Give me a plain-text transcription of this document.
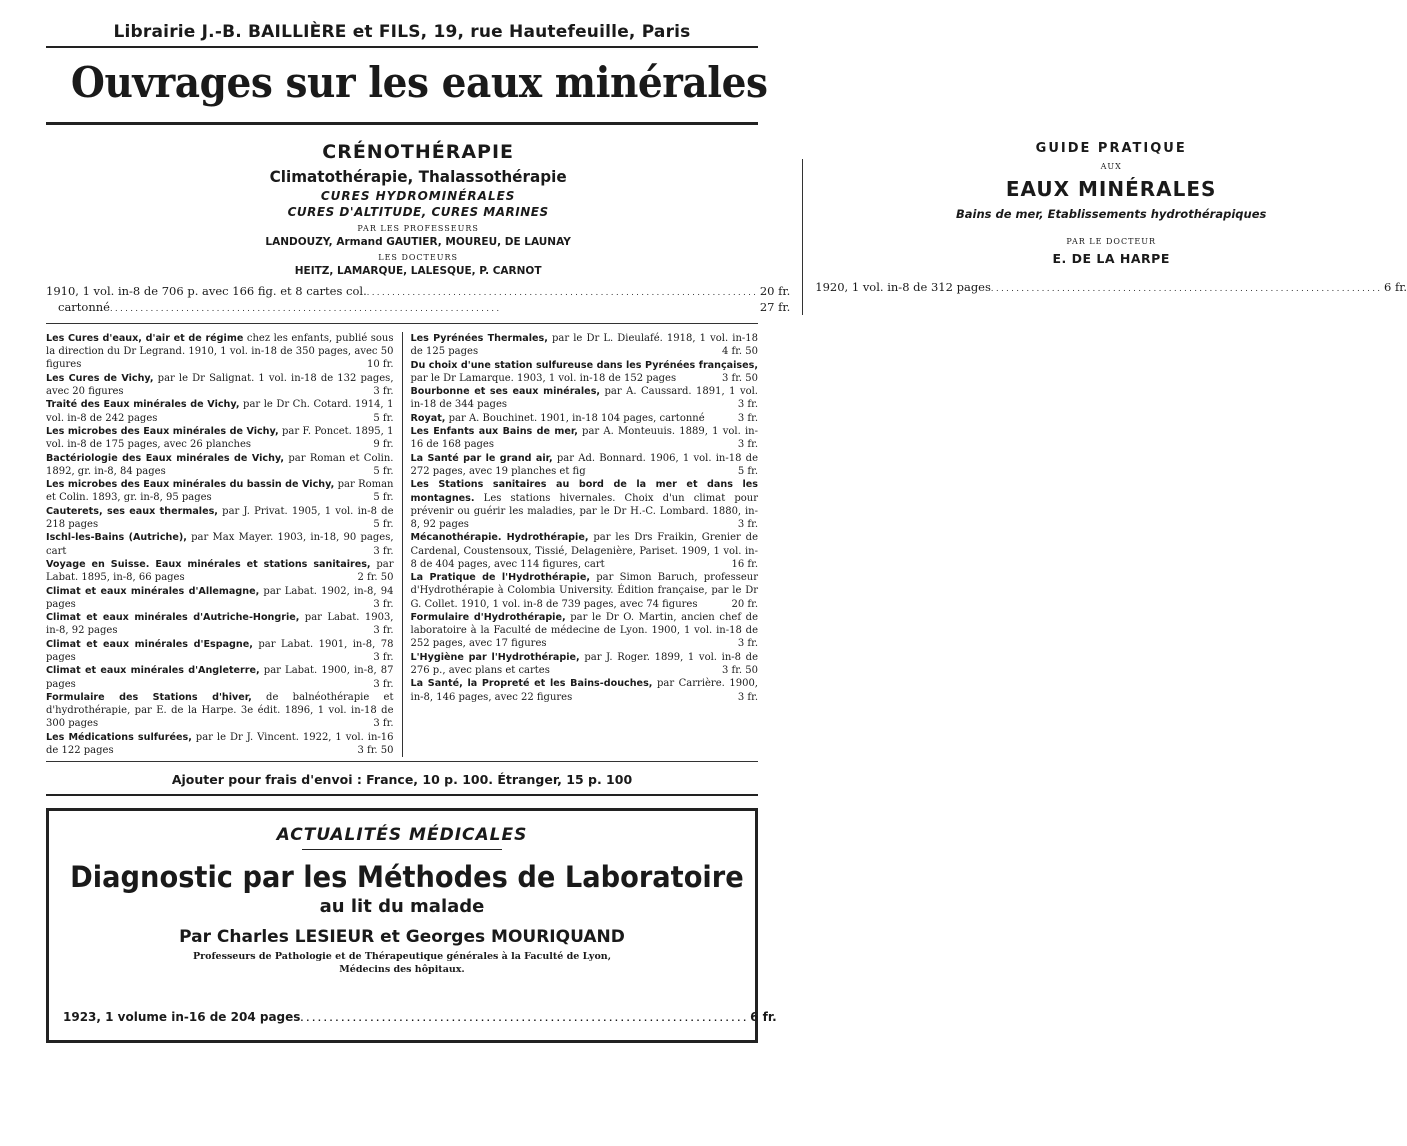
Librairie J.-B. BAILLIÈRE et FILS, 19, rue Hautefeuille, Paris
Ouvrages sur les eaux minérales
CRÉNOTHÉRAPIE
Climatothérapie, Thalassothérapie
CURES HYDROMINÉRALES
CURES D'ALTITUDE, CURES MARINES
PAR LES PROFESSEURS
LANDOUZY, Armand GAUTIER, MOUREU, DE LAUNAY
LES DOCTEURS
HEITZ, LAMARQUE, LALESQUE, P. CARNOT
1910, 1 vol. in-8 de 706 p. avec 166 fig. et 8 cartes col. . . .	20 fr.
cartonné . . .	27 fr.
GUIDE PRATIQUE
AUX
EAUX MINÉRALES
Bains de mer, Etablissements hydrothérapiques
PAR LE DOCTEUR
E. DE LA HARPE
1920, 1 vol. in-8 de 312 pages . . .	6 fr.
Les Cures d'eaux, d'air et de régime chez les enfants, publié sous la direction du Dr Legrand. 1910, 1 vol. in-18 de 350 pages, avec 50 figures	10 fr.
Les Cures de Vichy, par le Dr Salignat. 1 vol. in-18 de 132 pages, avec 20 figures	3 fr.
Traité des Eaux minérales de Vichy, par le Dr Ch. Cotard. 1914, 1 vol. in-8 de 242 pages	5 fr.
Les microbes des Eaux minérales de Vichy, par F. Poncet. 1895, 1 vol. in-8 de 175 pages, avec 26 planches	9 fr.
Bactériologie des Eaux minérales de Vichy, par Roman et Colin. 1892, gr. in-8, 84 pages	5 fr.
Les microbes des Eaux minérales du bassin de Vichy, par Roman et Colin. 1893, gr. in-8, 95 pages	5 fr.
Cauterets, ses eaux thermales, par J. Privat. 1905, 1 vol. in-8 de 218 pages	5 fr.
Ischl-les-Bains (Autriche), par Max Mayer. 1903, in-18, 90 pages, cart	3 fr.
Voyage en Suisse. Eaux minérales et stations sanitaires, par Labat. 1895, in-8, 66 pages	2 fr. 50
Climat et eaux minérales d'Allemagne, par Labat. 1902, in-8, 94 pages	3 fr.
Climat et eaux minérales d'Autriche-Hongrie, par Labat. 1903, in-8, 92 pages	3 fr.
Climat et eaux minérales d'Espagne, par Labat. 1901, in-8, 78 pages	3 fr.
Climat et eaux minérales d'Angleterre, par Labat. 1900, in-8, 87 pages	3 fr.
Formulaire des Stations d'hiver, de balnéothérapie et d'hydrothérapie, par E. de la Harpe. 3e édit. 1896, 1 vol. in-18 de 300 pages	3 fr.
Les Médications sulfurées, par le Dr J. Vincent. 1922, 1 vol. in-16 de 122 pages	3 fr. 50
Les Pyrénées Thermales, par le Dr L. Dieulafé. 1918, 1 vol. in-18 de 125 pages	4 fr. 50
Du choix d'une station sulfureuse dans les Pyrénées françaises, par le Dr Lamarque. 1903, 1 vol. in-18 de 152 pages	3 fr. 50
Bourbonne et ses eaux minérales, par A. Caussard. 1891, 1 vol. in-18 de 344 pages	3 fr.
Royat, par A. Bouchinet. 1901, in-18 104 pages, cartonné	3 fr.
Les Enfants aux Bains de mer, par A. Monteuuis. 1889, 1 vol. in-16 de 168 pages	3 fr.
La Santé par le grand air, par Ad. Bonnard. 1906, 1 vol. in-18 de 272 pages, avec 19 planches et fig	5 fr.
Les Stations sanitaires au bord de la mer et dans les montagnes. Les stations hivernales. Choix d'un climat pour prévenir ou guérir les maladies, par le Dr H.-C. Lombard. 1880, in-8, 92 pages	3 fr.
Mécanothérapie. Hydrothérapie, par les Drs Fraikin, Grenier de Cardenal, Coustensoux, Tissié, Delagenière, Pariset. 1909, 1 vol. in-8 de 404 pages, avec 114 figures, cart	16 fr.
La Pratique de l'Hydrothérapie, par Simon Baruch, professeur d'Hydrothérapie à Colombia University. Édition française, par le Dr G. Collet. 1910, 1 vol. in-8 de 739 pages, avec 74 figures	20 fr.
Formulaire d'Hydrothérapie, par le Dr O. Martin, ancien chef de laboratoire à la Faculté de médecine de Lyon. 1900, 1 vol. in-18 de 252 pages, avec 17 figures	3 fr.
L'Hygiène par l'Hydrothérapie, par J. Roger. 1899, 1 vol. in-8 de 276 p., avec plans et cartes	3 fr. 50
La Santé, la Propreté et les Bains-douches, par Carrière. 1900, in-8, 146 pages, avec 22 figures	3 fr.
Ajouter pour frais d'envoi : France, 10 p. 100. Étranger, 15 p. 100
ACTUALITÉS MÉDICALES
Diagnostic par les Méthodes de Laboratoire
au lit du malade
Par Charles LESIEUR et Georges MOURIQUAND
Professeurs de Pathologie et de Thérapeutique générales à la Faculté de Lyon,
Médecins des hôpitaux.
1923, 1 volume in-16 de 204 pages . . .	6 fr.
